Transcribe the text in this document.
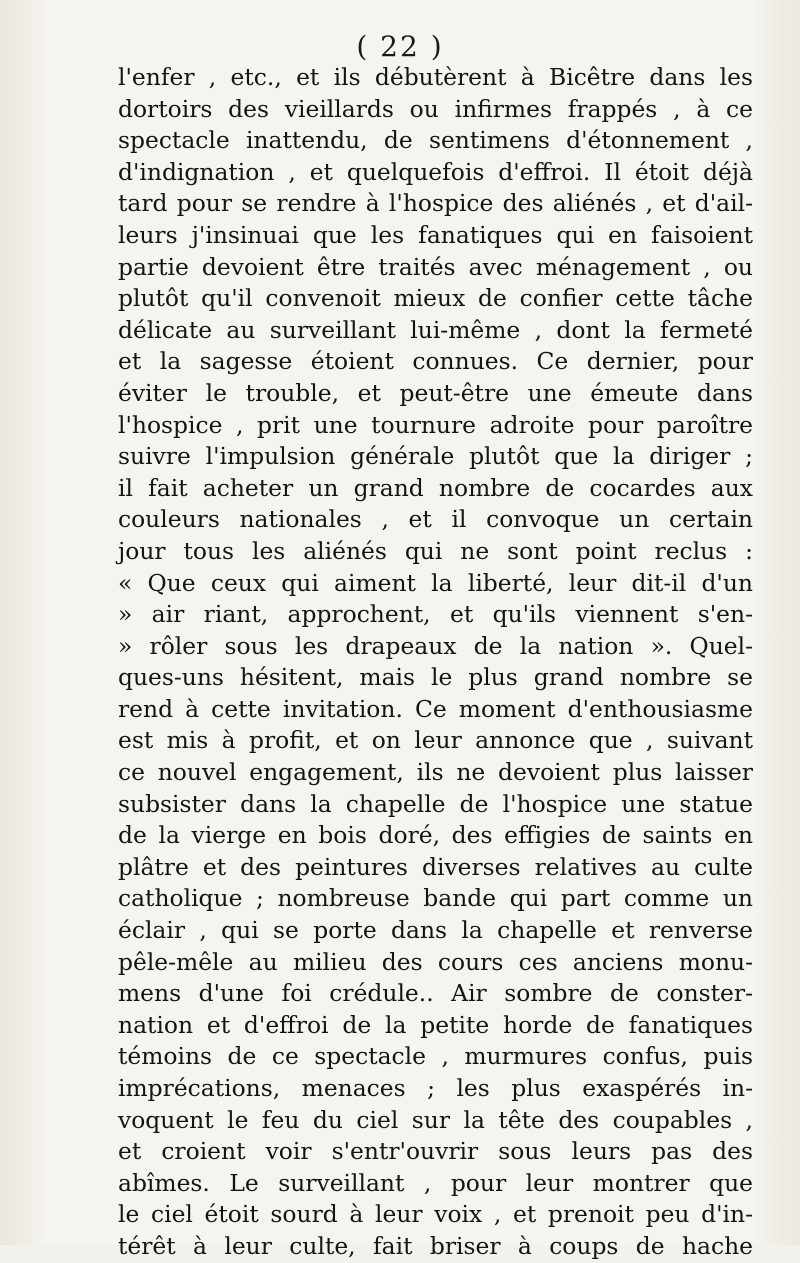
( 22 )
l'enfer , etc., et ils débutèrent à Bicêtre dans les
dortoirs des vieillards ou infirmes frappés , à ce
spectacle inattendu, de sentimens d'étonnement ,
d'indignation , et quelquefois d'effroi. Il étoit déjà
tard pour se rendre à l'hospice des aliénés , et d'ail-
leurs j'insinuai que les fanatiques qui en faisoient
partie devoient être traités avec ménagement , ou
plutôt qu'il convenoit mieux de confier cette tâche
délicate au surveillant lui-même , dont la fermeté
et la sagesse étoient connues. Ce dernier, pour
éviter le trouble, et peut-être une émeute dans
l'hospice , prit une tournure adroite pour paroître
suivre l'impulsion générale plutôt que la diriger ;
il fait acheter un grand nombre de cocardes aux
couleurs nationales , et il convoque un certain
jour tous les aliénés qui ne sont point reclus :
« Que ceux qui aiment la liberté, leur dit-il d'un
» air riant, approchent, et qu'ils viennent s'en-
» rôler sous les drapeaux de la nation ». Quel-
ques-uns hésitent, mais le plus grand nombre se
rend à cette invitation. Ce moment d'enthousiasme
est mis à profit, et on leur annonce que , suivant
ce nouvel engagement, ils ne devoient plus laisser
subsister dans la chapelle de l'hospice une statue
de la vierge en bois doré, des effigies de saints en
plâtre et des peintures diverses relatives au culte
catholique ; nombreuse bande qui part comme un
éclair , qui se porte dans la chapelle et renverse
pêle-mêle au milieu des cours ces anciens monu-
mens d'une foi crédule.. Air sombre de conster-
nation et d'effroi de la petite horde de fanatiques
témoins de ce spectacle , murmures confus, puis
imprécations, menaces ; les plus exaspérés in-
voquent le feu du ciel sur la tête des coupables ,
et croient voir s'entr'ouvrir sous leurs pas des
abîmes. Le surveillant , pour leur montrer que
le ciel étoit sourd à leur voix , et prenoit peu d'in-
térêt à leur culte, fait briser à coups de hache
